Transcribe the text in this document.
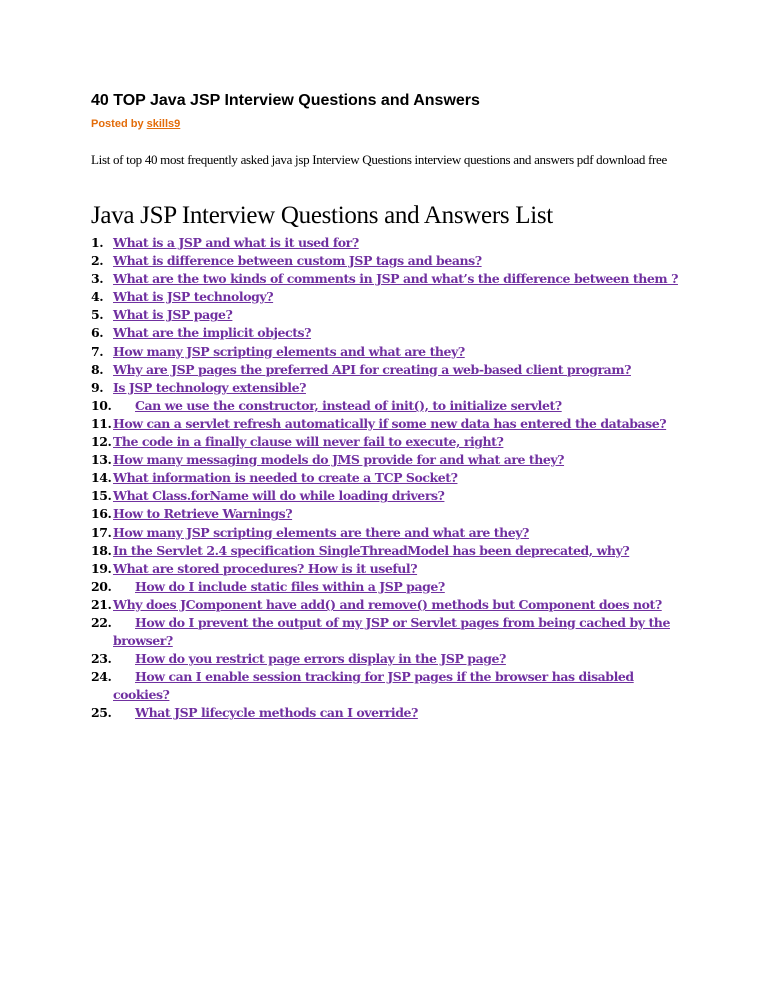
40 TOP Java JSP Interview Questions and Answers
Posted by skills9

List of top 40 most frequently asked java jsp Interview Questions interview questions and answers pdf download free

Java JSP Interview Questions and Answers List
1. What is a JSP and what is it used for?
2. What is difference between custom JSP tags and beans?
3. What are the two kinds of comments in JSP and what’s the difference between them ?
4. What is JSP technology?
5. What is JSP page?
6. What are the implicit objects?
7. How many JSP scripting elements and what are they?
8. Why are JSP pages the preferred API for creating a web-based client program?
9. Is JSP technology extensible?
10. Can we use the constructor, instead of init(), to initialize servlet?
11. How can a servlet refresh automatically if some new data has entered the database?
12. The code in a finally clause will never fail to execute, right?
13. How many messaging models do JMS provide for and what are they?
14. What information is needed to create a TCP Socket?
15. What Class.forName will do while loading drivers?
16. How to Retrieve Warnings?
17. How many JSP scripting elements are there and what are they?
18. In the Servlet 2.4 specification SingleThreadModel has been deprecated, why?
19. What are stored procedures? How is it useful?
20. How do I include static files within a JSP page?
21. Why does JComponent have add() and remove() methods but Component does not?
22. How do I prevent the output of my JSP or Servlet pages from being cached by the browser?
23. How do you restrict page errors display in the JSP page?
24. How can I enable session tracking for JSP pages if the browser has disabled cookies?
25. What JSP lifecycle methods can I override?
